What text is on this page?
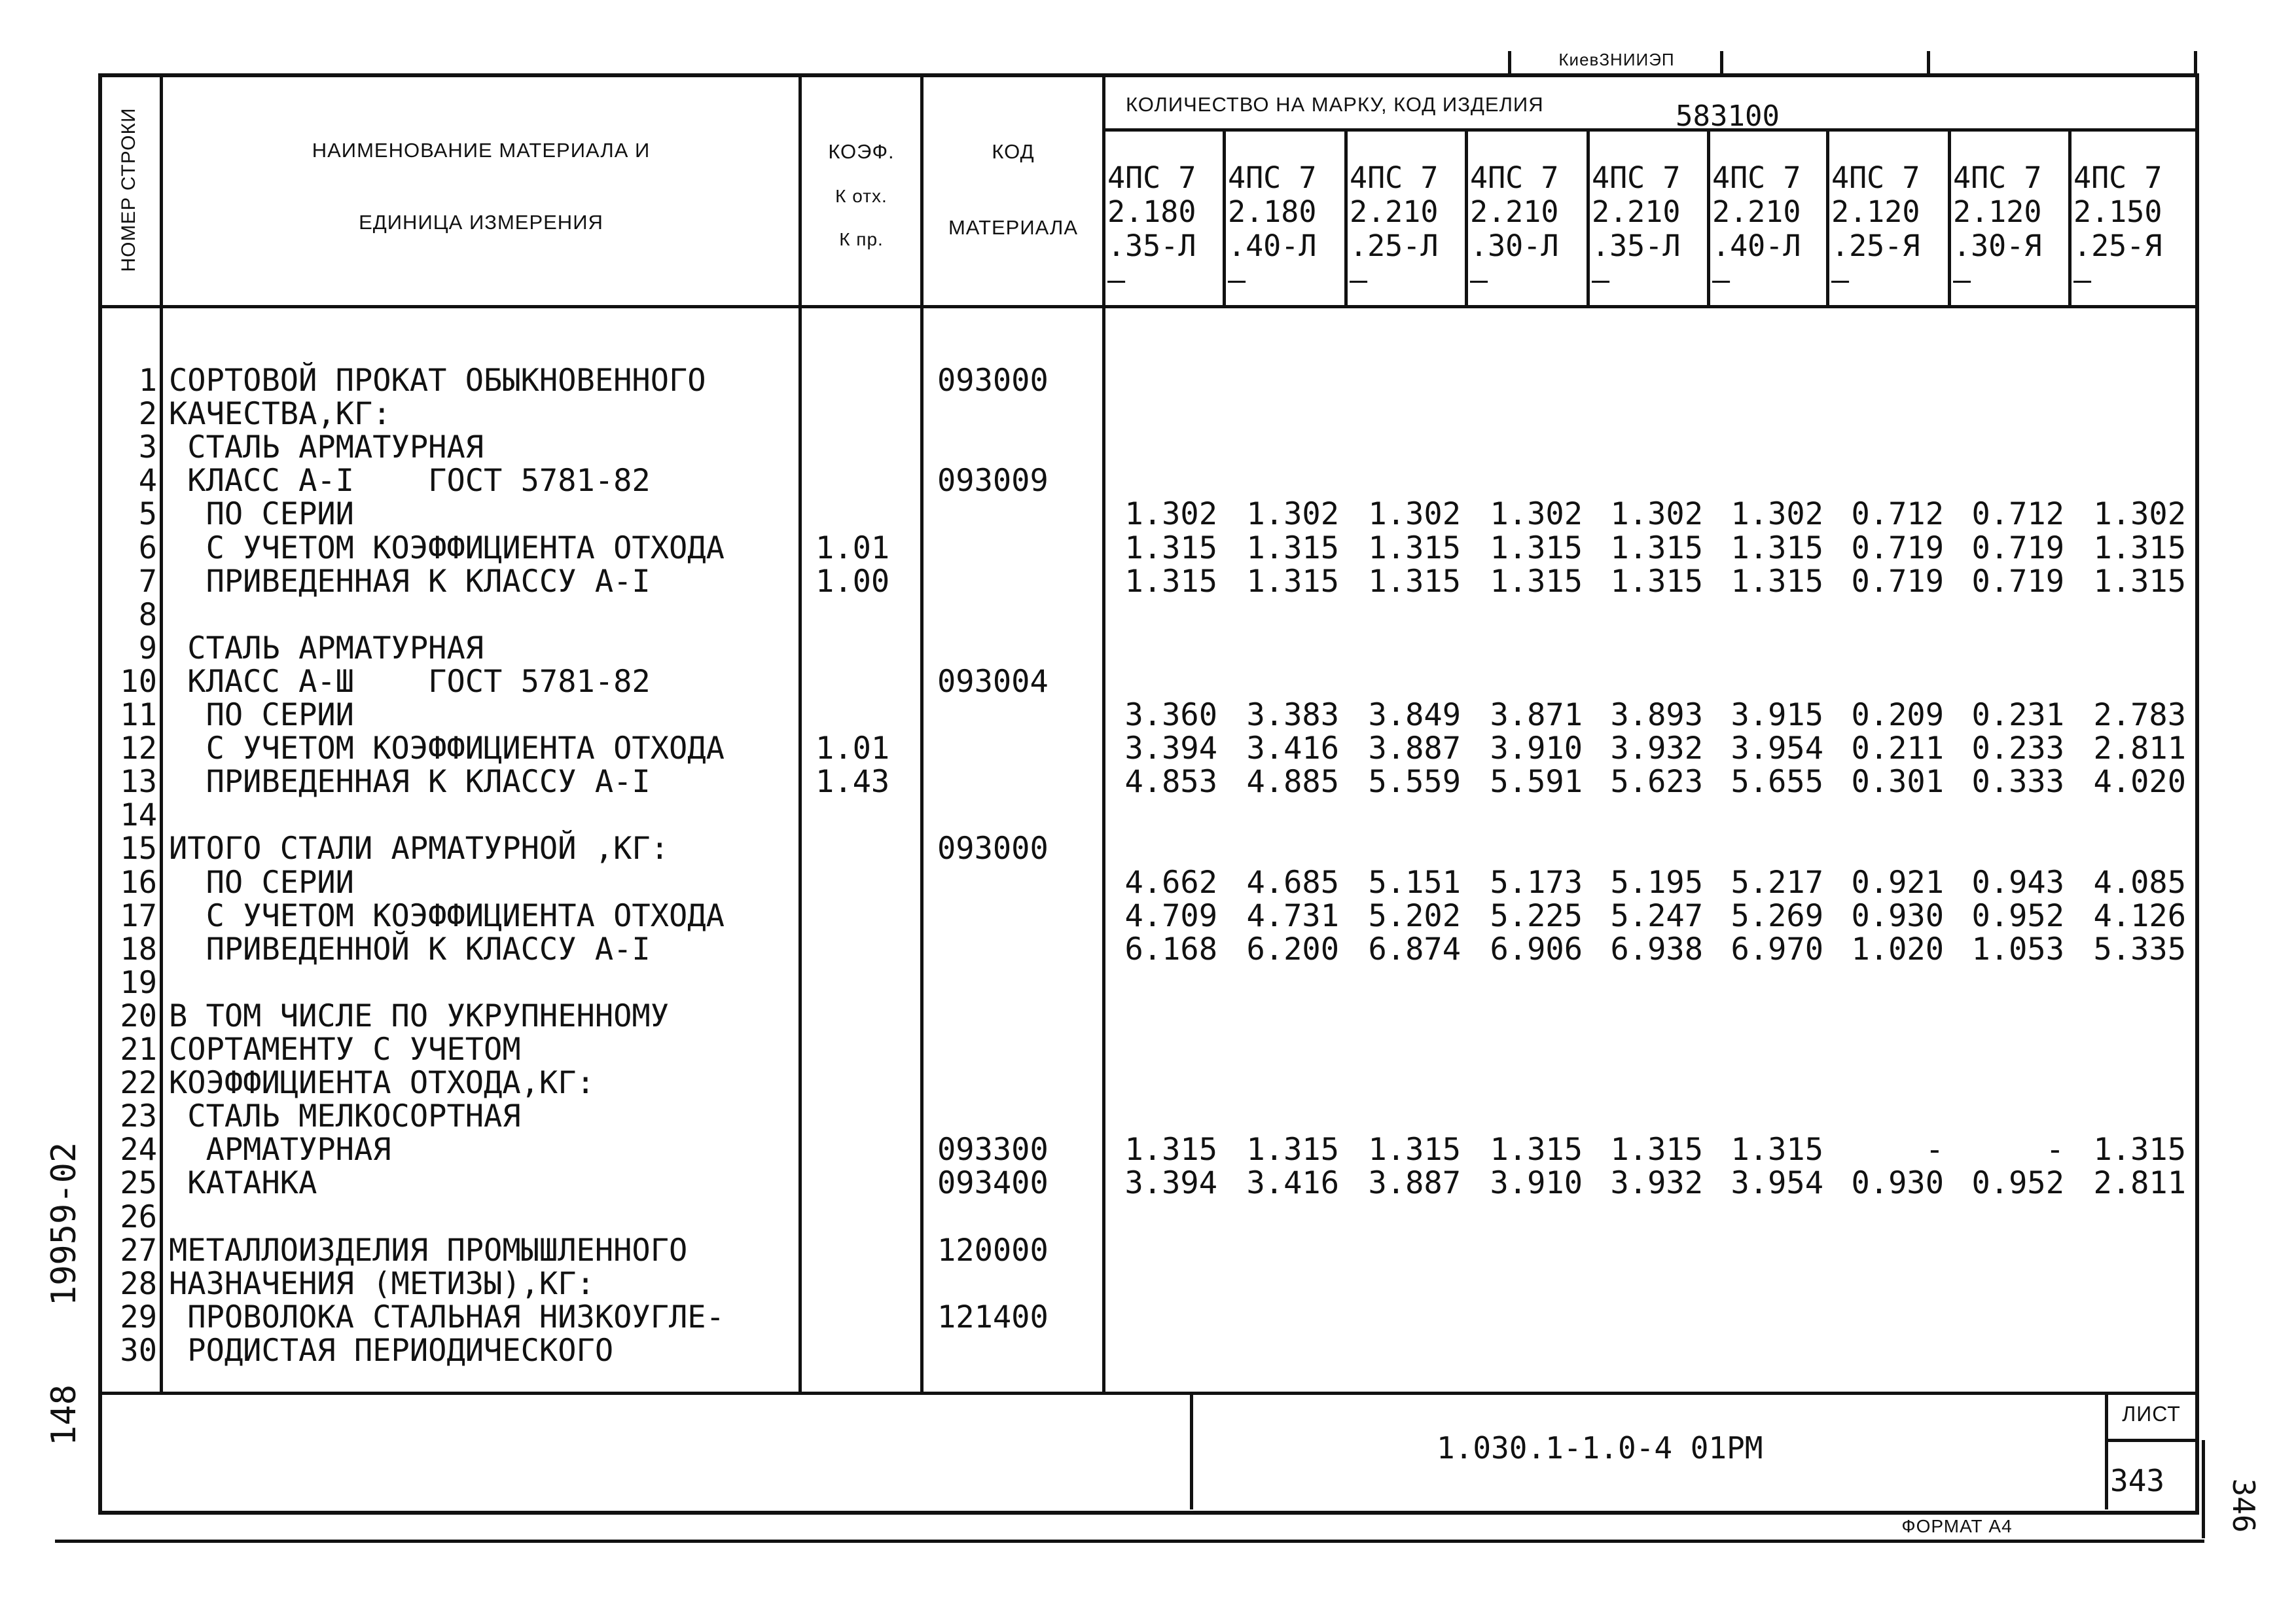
КиевЗНИИЭП
НОМЕР СТРОКИ	НАИМЕНОВАНИЕ МАТЕРИАЛА И
ЕДИНИЦА ИЗМЕРЕНИЯ
КОЭФ.
К отх.
К пр.
КОД
МАТЕРИАЛА
КОЛИЧЕСТВО НА МАРКУ, КОД ИЗДЕЛИЯ	583100
4ПС 7
2.180
.35-Л
–
4ПС 7
2.180
.40-Л
–
4ПС 7
2.210
.25-Л
–
4ПС 7
2.210
.30-Л
–
4ПС 7
2.210
.35-Л
–
4ПС 7
2.210
.40-Л
–
4ПС 7
2.120
.25-Я
–
4ПС 7
2.120
.30-Я
–
4ПС 7
2.150
.25-Я
–
1 СОРТОВОЙ ПРОКАТ ОБЫКНОВЕННОГО	093000
2 КАЧЕСТВА,КГ:
3 СТАЛЬ АРМАТУРНАЯ
4 КЛАСС А-I    ГОСТ 5781-82	093009
5 ПО СЕРИИ	1.302 1.302 1.302 1.302 1.302 1.302 0.712 0.712 1.302
6 С УЧЕТОМ КОЭФФИЦИЕНТА ОТХОДА	1.01	1.315 1.315 1.315 1.315 1.315 1.315 0.719 0.719 1.315
7 ПРИВЕДЕННАЯ К КЛАССУ А-I	1.00	1.315 1.315 1.315 1.315 1.315 1.315 0.719 0.719 1.315
8
9 СТАЛЬ АРМАТУРНАЯ
10 КЛАСС А-Ш    ГОСТ 5781-82	093004
11 ПО СЕРИИ	3.360 3.383 3.849 3.871 3.893 3.915 0.209 0.231 2.783
12 С УЧЕТОМ КОЭФФИЦИЕНТА ОТХОДА	1.01	3.394 3.416 3.887 3.910 3.932 3.954 0.211 0.233 2.811
13 ПРИВЕДЕННАЯ К КЛАССУ А-I	1.43	4.853 4.885 5.559 5.591 5.623 5.655 0.301 0.333 4.020
14
15 ИТОГО СТАЛИ АРМАТУРНОЙ ,КГ:	093000
16 ПО СЕРИИ	4.662 4.685 5.151 5.173 5.195 5.217 0.921 0.943 4.085
17 С УЧЕТОМ КОЭФФИЦИЕНТА ОТХОДА	4.709 4.731 5.202 5.225 5.247 5.269 0.930 0.952 4.126
18 ПРИВЕДЕННОЙ К КЛАССУ А-I	6.168 6.200 6.874 6.906 6.938 6.970 1.020 1.053 5.335
19
20 В ТОМ ЧИСЛЕ ПО УКРУПНЕННОМУ
21 СОРТАМЕНТУ С УЧЕТОМ
22 КОЭФФИЦИЕНТА ОТХОДА,КГ:
23 СТАЛЬ МЕЛКОСОРТНАЯ
24 АРМАТУРНАЯ	093300	1.315 1.315 1.315 1.315 1.315 1.315	-	- 1.315
25 КАТАНКА	093400	3.394 3.416 3.887 3.910 3.932 3.954 0.930 0.952 2.811
26
27 МЕТАЛЛОИЗДЕЛИЯ ПРОМЫШЛЕННОГО	120000
28 НАЗНАЧЕНИЯ (МЕТИЗЫ),КГ:
29 ПРОВОЛОКА СТАЛЬНАЯ НИЗКОУГЛЕ-	121400
30 РОДИСТАЯ ПЕРИОДИЧЕСКОГО
1.030.1-1.0-4 01РМ
ЛИСТ
343
ФОРМАТ А4	346
19959-02
148
